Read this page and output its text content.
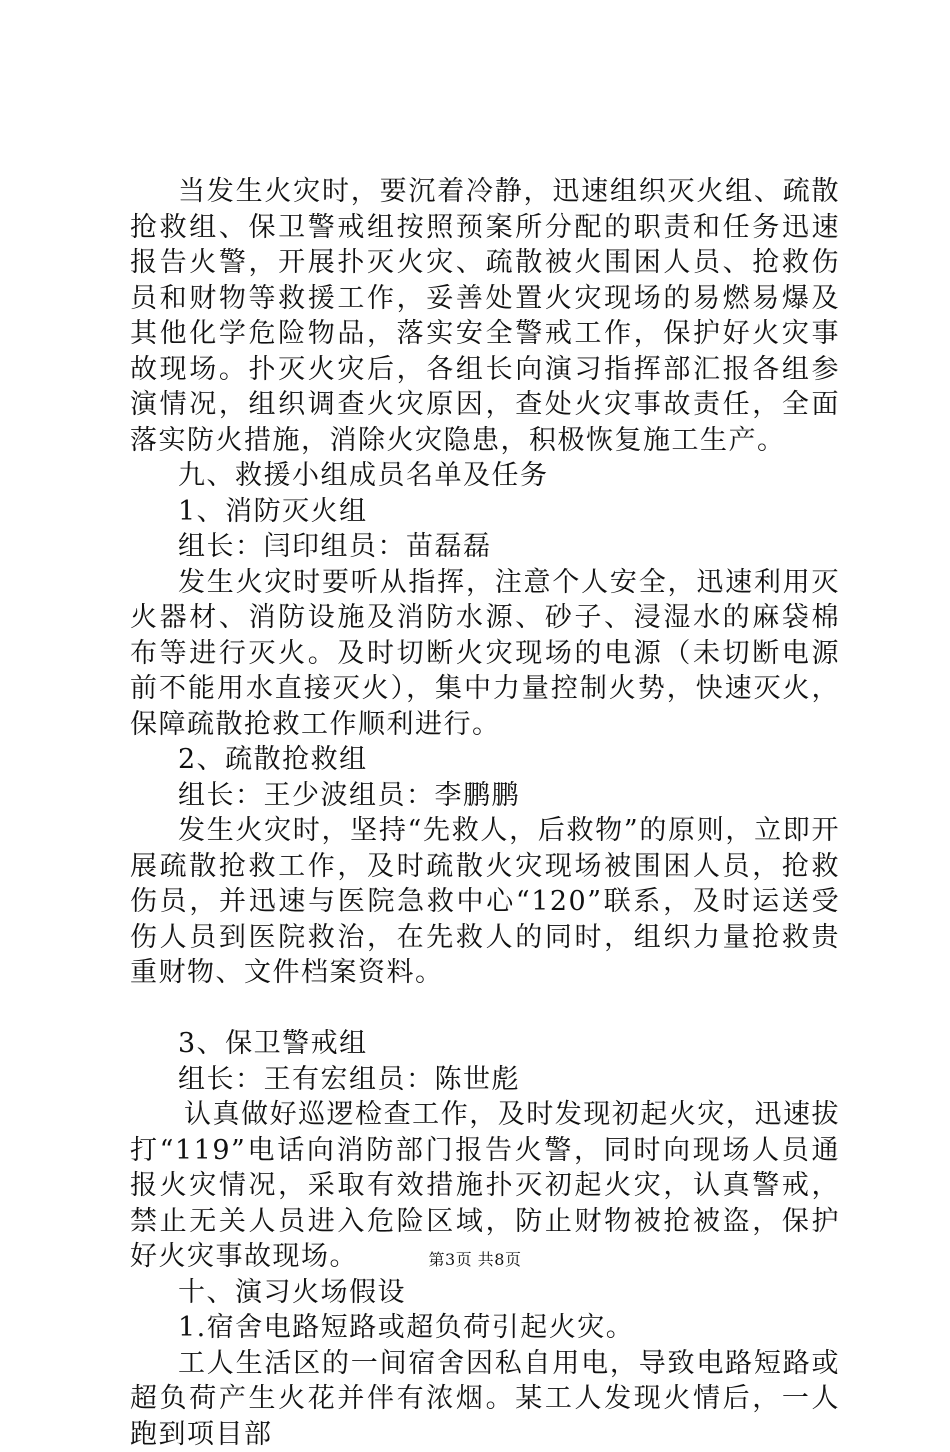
当发生火灾时，要沉着冷静，迅速组织灭火组、疏散抢救组、保卫警戒组按照预案所分配的职责和任务迅速报告火警，开展扑灭火灾、疏散被火围困人员、抢救伤员和财物等救援工作，妥善处置火灾现场的易燃易爆及其他化学危险物品，落实安全警戒工作，保护好火灾事故现场。扑灭火灾后，各组长向演习指挥部汇报各组参演情况，组织调查火灾原因，查处火灾事故责任，全面落实防火措施，消除火灾隐患，积极恢复施工生产。

九、救援小组成员名单及任务

1、消防灭火组

组长：闫印组员：苗磊磊

发生火灾时要听从指挥，注意个人安全，迅速利用灭火器材、消防设施及消防水源、砂子、浸湿水的麻袋棉布等进行灭火。及时切断火灾现场的电源（未切断电源前不能用水直接灭火），集中力量控制火势，快速灭火，保障疏散抢救工作顺利进行。

2、疏散抢救组

组长：王少波组员：李鹏鹏

发生火灾时，坚持“先救人，后救物”的原则，立即开展疏散抢救工作，及时疏散火灾现场被围困人员，抢救伤员，并迅速与医院急救中心“120”联系，及时运送受伤人员到医院救治，在先救人的同时，组织力量抢救贵重财物、文件档案资料。

3、保卫警戒组

组长：王有宏组员：陈世彪

认真做好巡逻检查工作，及时发现初起火灾，迅速拔打“119”电话向消防部门报告火警，同时向现场人员通报火灾情况，采取有效措施扑灭初起火灾，认真警戒，禁止无关人员进入危险区域，防止财物被抢被盗，保护好火灾事故现场。

十、演习火场假设

1.宿舍电路短路或超负荷引起火灾。

工人生活区的一间宿舍因私自用电，导致电路短路或超负荷产生火花并伴有浓烟。某工人发现火情后，一人跑到项目部

第3页 共8页
